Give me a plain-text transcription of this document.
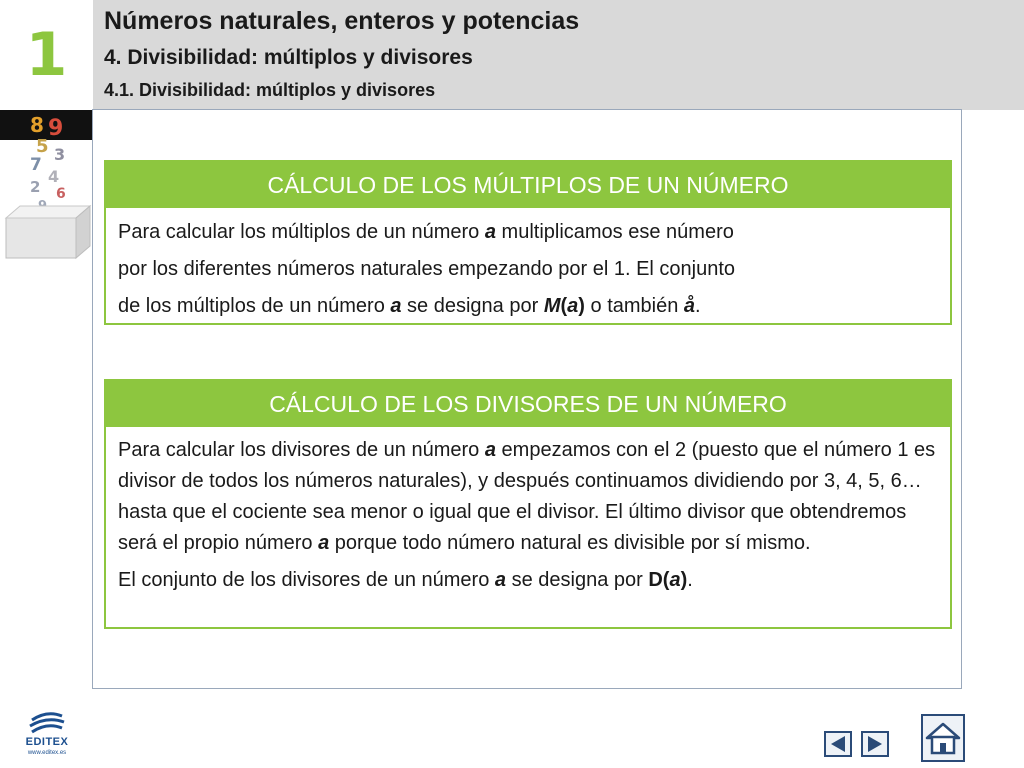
1	Números naturales, enteros y potencias
4. Divisibilidad: múltiplos y divisores
4.1. Divisibilidad: múltiplos y divisores
8 9
5 3
7
4
2 6	CÁLCULO DE LOS MÚLTIPLOS DE UN NÚMERO

Para calcular los múltiplos de un número a multiplicamos ese número

por los diferentes números naturales empezando por el 1. El conjunto

de los múltiplos de un número a se designa por M(a) o también å.

CÁLCULO DE LOS DIVISORES DE UN NÚMERO

Para calcular los divisores de un número a empezamos con el 2 (puesto que el número 1 es divisor de todos los números naturales), y después continuamos dividiendo por 3, 4, 5, 6… hasta que el cociente sea menor o igual que el divisor. El último divisor que obtendremos será el propio número a porque todo número natural es divisible por sí mismo.

El conjunto de los divisores de un número a se designa por D(a).

EDITEX
www.editex.es
